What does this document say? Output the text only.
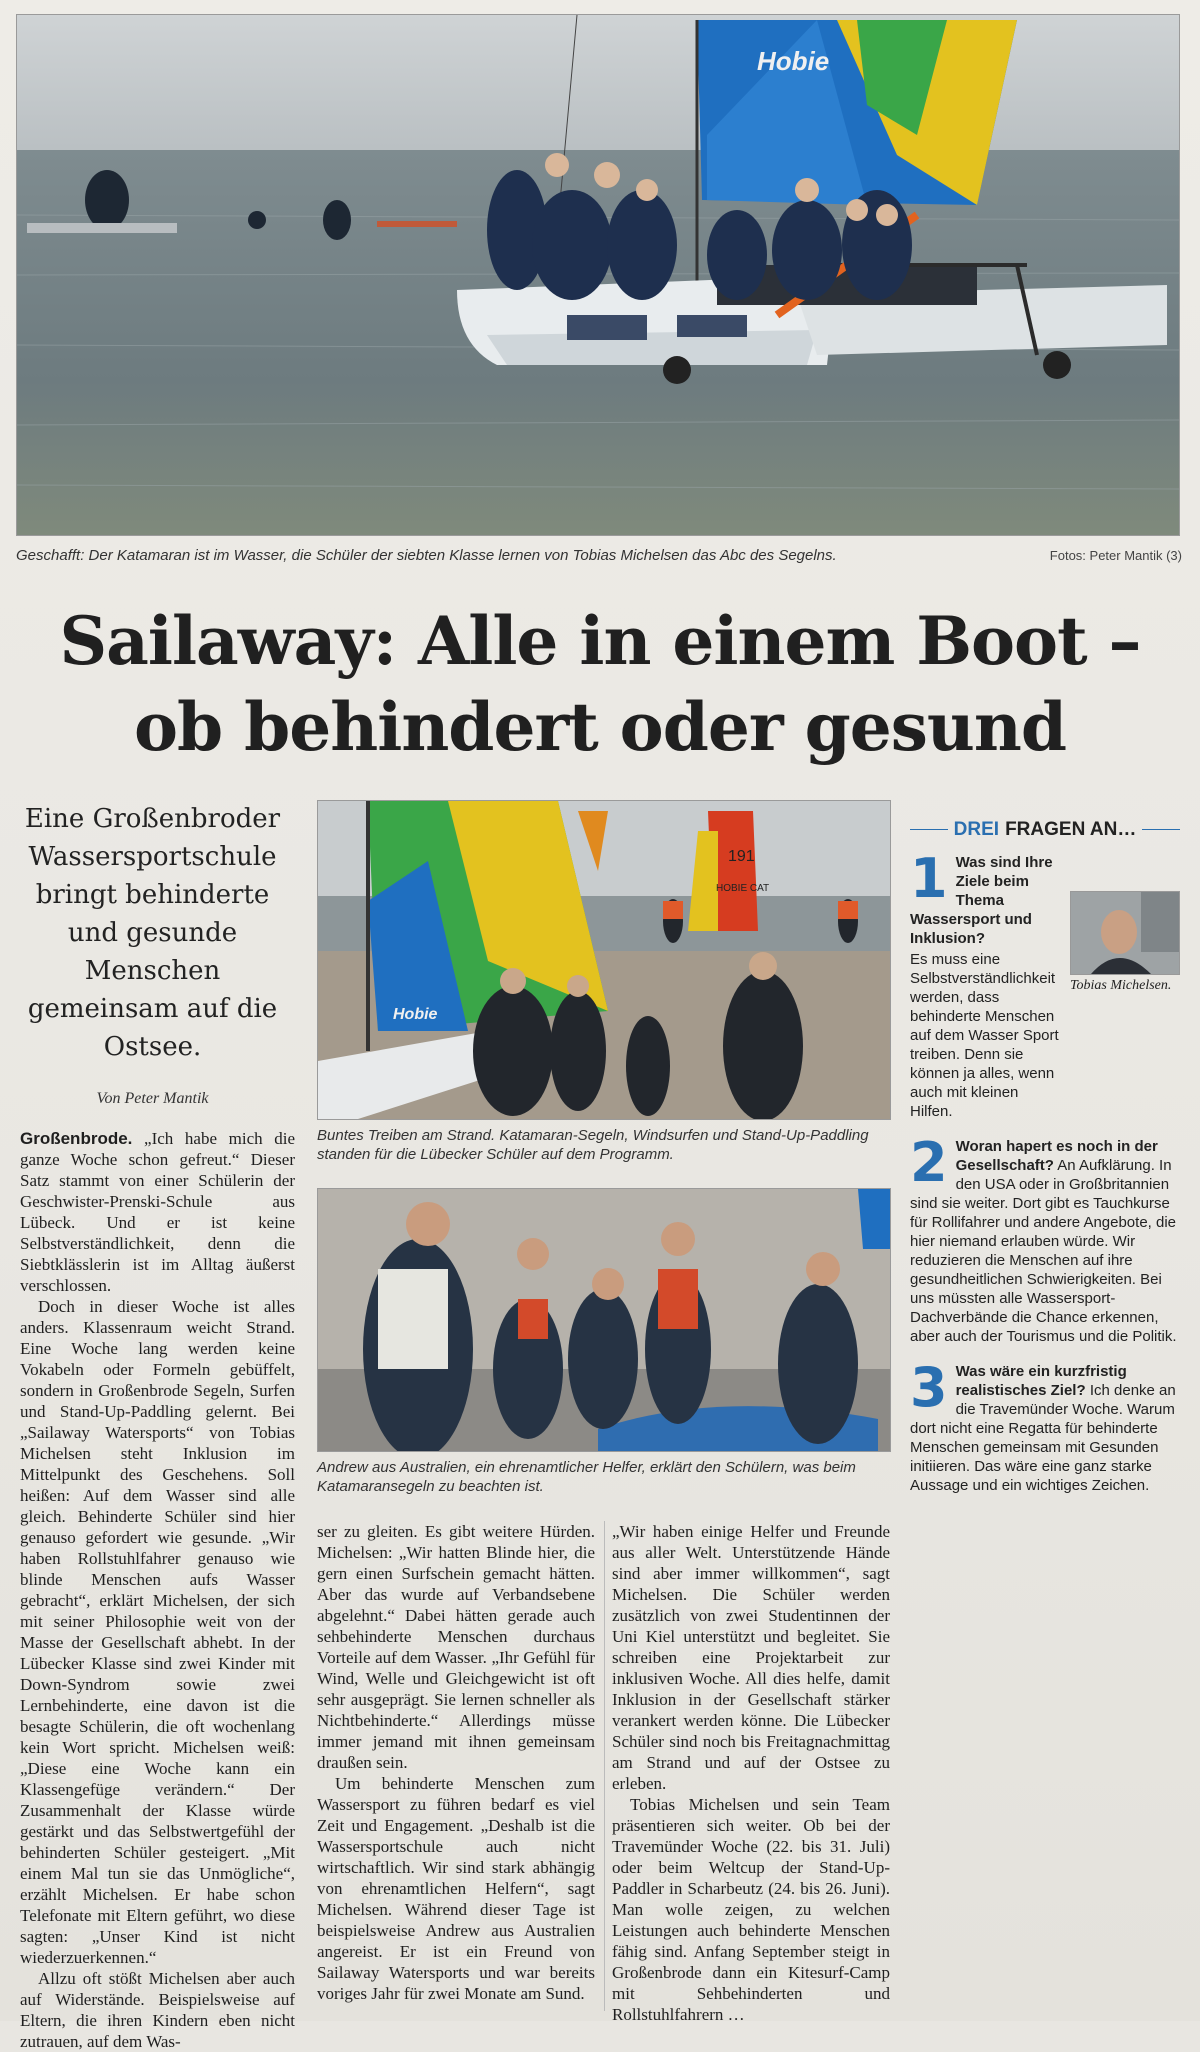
Hobie
Geschafft: Der Katamaran ist im Wasser, die Schüler der siebten Klasse lernen von Tobias Michelsen das Abc des Segelns.	Fotos: Peter Mantik (3)
Sailaway: Alle in einem Boot –
ob behindert oder gesund
Eine Großenbroder Wassersportschule bringt behinderte und gesunde Menschen gemeinsam auf die Ostsee.
Von Peter Mantik
191
HOBIE CAT
Hobie
Buntes Treiben am Strand. Katamaran-Segeln, Windsurfen und Stand-Up-Paddling standen für die Lübecker Schüler auf dem Programm.
Andrew aus Australien, ein ehrenamtlicher Helfer, erklärt den Schülern, was beim Katamaransegeln zu beachten ist.

Großenbrode. „Ich habe mich die ganze Woche schon gefreut.“ Dieser Satz stammt von einer Schülerin der Geschwister-Prenski-Schule aus Lübeck. Und er ist keine Selbstverständlichkeit, denn die Siebtklässlerin ist im Alltag äußerst verschlossen.

Doch in dieser Woche ist alles anders. Klassenraum weicht Strand. Eine Woche lang werden keine Vokabeln oder Formeln gebüffelt, sondern in Großenbrode Segeln, Surfen und Stand-Up-Paddling gelernt. Bei „Sailaway Watersports“ von Tobias Michelsen steht Inklusion im Mittelpunkt des Geschehens. Soll heißen: Auf dem Wasser sind alle gleich. Behinderte Schüler sind hier genauso gefordert wie gesunde. „Wir haben Rollstuhlfahrer genauso wie blinde Menschen aufs Wasser gebracht“, erklärt Michelsen, der sich mit seiner Philosophie weit von der Masse der Gesellschaft abhebt. In der Lübecker Klasse sind zwei Kinder mit Down-Syndrom sowie zwei Lernbehinderte, eine davon ist die besagte Schülerin, die oft wochenlang kein Wort spricht. Michelsen weiß: „Diese eine Woche kann ein Klassengefüge verändern.“ Der Zusammenhalt der Klasse würde gestärkt und das Selbstwertgefühl der behinderten Schüler gesteigert. „Mit einem Mal tun sie das Unmögliche“, erzählt Michelsen. Er habe schon Telefonate mit Eltern geführt, wo diese sagten: „Unser Kind ist nicht wiederzuerkennen.“

Allzu oft stößt Michelsen aber auch auf Widerstände. Beispielsweise auf Eltern, die ihren Kindern eben nicht zutrauen, auf dem Was-

ser zu gleiten. Es gibt weitere Hürden. Michelsen: „Wir hatten Blinde hier, die gern einen Surfschein gemacht hätten. Aber das wurde auf Verbandsebene abgelehnt.“ Dabei hätten gerade auch sehbehinderte Menschen durchaus Vorteile auf dem Wasser. „Ihr Gefühl für Wind, Welle und Gleichgewicht ist oft sehr ausgeprägt. Sie lernen schneller als Nichtbehinderte.“ Allerdings müsse immer jemand mit ihnen gemeinsam draußen sein.

Um behinderte Menschen zum Wassersport zu führen bedarf es viel Zeit und Engagement. „Deshalb ist die Wassersportschule auch nicht wirtschaftlich. Wir sind stark abhängig von ehrenamtlichen Helfern“, sagt Michelsen. Während dieser Tage ist beispielsweise Andrew aus Australien angereist. Er ist ein Freund von Sailaway Watersports und war bereits voriges Jahr für zwei Monate am Sund.

„Wir haben einige Helfer und Freunde aus aller Welt. Unterstützende Hände sind aber immer willkommen“, sagt Michelsen. Die Schüler werden zusätzlich von zwei Studentinnen der Uni Kiel unterstützt und begleitet. Sie schreiben eine Projektarbeit zur inklusiven Woche. All dies helfe, damit Inklusion in der Gesellschaft stärker verankert werden könne. Die Lübecker Schüler sind noch bis Freitagnachmittag am Strand und auf der Ostsee zu erleben.

Tobias Michelsen und sein Team präsentieren sich weiter. Ob bei der Travemünder Woche (22. bis 31. Juli) oder beim Weltcup der Stand-Up-Paddler in Scharbeutz (24. bis 26. Juni). Man wolle zeigen, zu welchen Leistungen auch behinderte Menschen fähig sind. Anfang September steigt in Großenbrode dann ein Kitesurf-Camp mit Sehbehinderten und Rollstuhlfahrern …

DREI FRAGEN AN…
Tobias Michelsen.
1 Was sind Ihre Ziele beim Thema Wassersport und Inklusion?
Es muss eine Selbstverständlichkeit werden, dass behinderte Menschen auf dem Wasser Sport treiben. Denn sie können ja alles, wenn auch mit kleinen Hilfen.
2 Woran hapert es noch in der Gesellschaft? An Aufklärung. In den USA oder in Großbritannien sind sie weiter. Dort gibt es Tauchkurse für Rollifahrer und andere Angebote, die hier niemand erlauben würde. Wir reduzieren die Menschen auf ihre gesundheitlichen Schwierigkeiten. Bei uns müssten alle Wassersport-Dachverbände die Chance erkennen, aber auch der Tourismus und die Politik.
3 Was wäre ein kurzfristig realistisches Ziel? Ich denke an die Travemünder Woche. Warum dort nicht eine Regatta für behinderte Menschen gemeinsam mit Gesunden initiieren. Das wäre eine ganz starke Aussage und ein wichtiges Zeichen.
